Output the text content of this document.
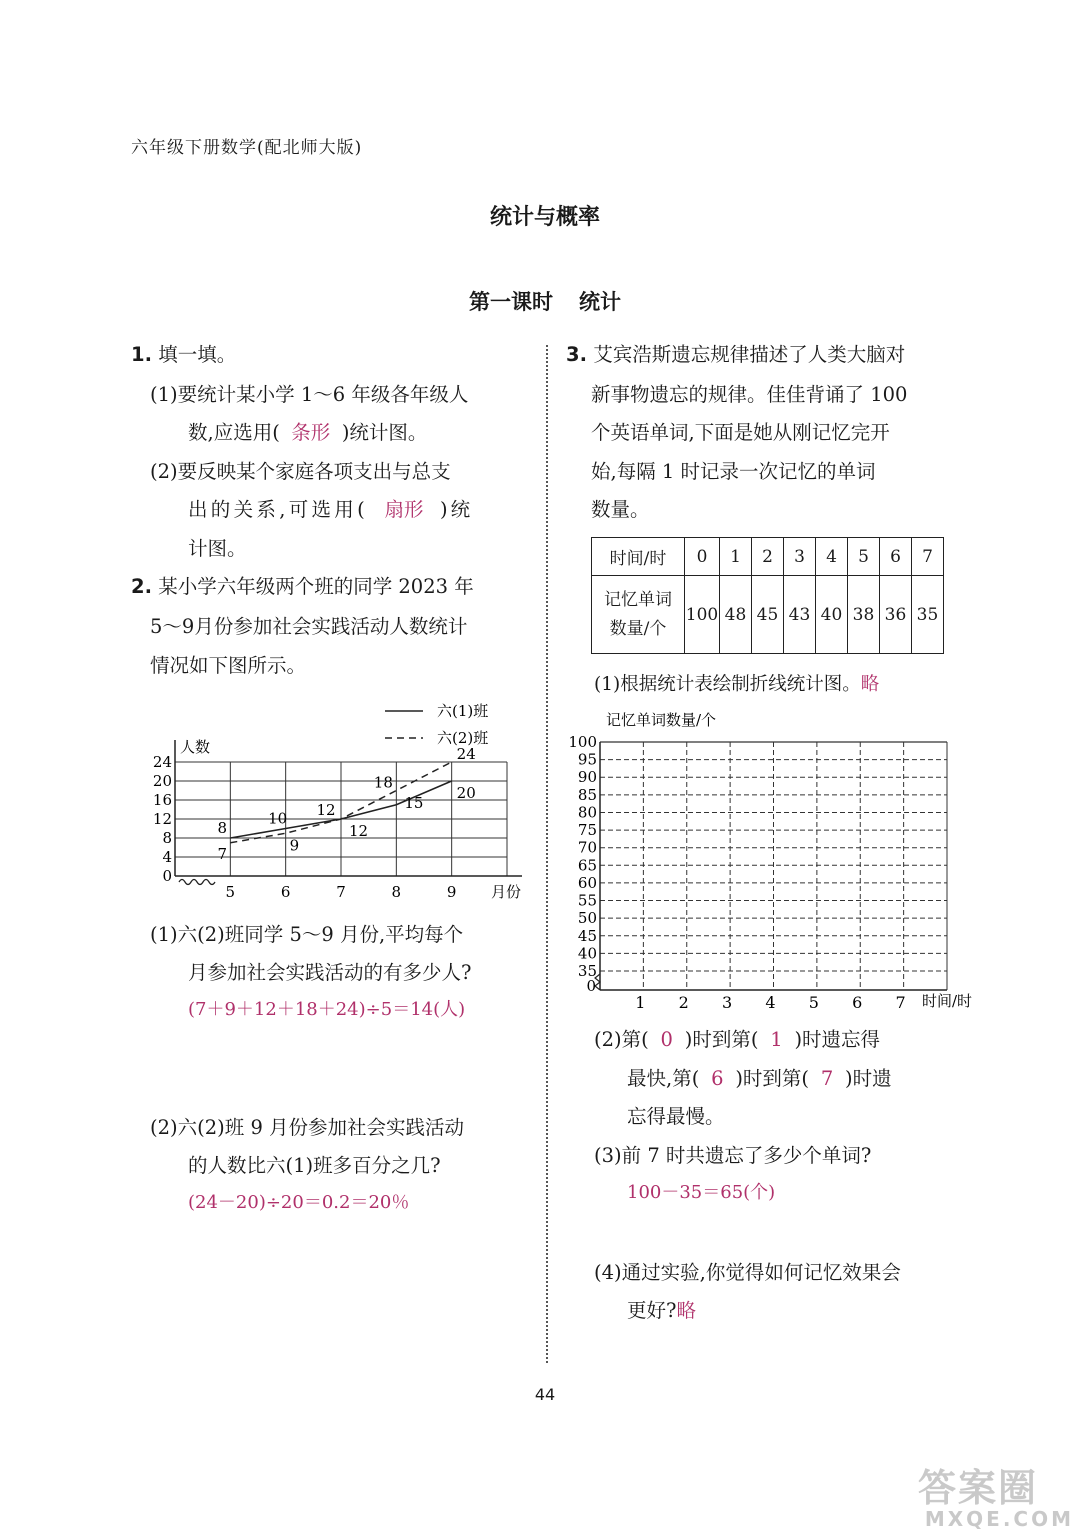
六年级下册数学(配北师大版)
统计与概率
第一课时 统计
1. 填一填。
(1)要统计某小学 1～6 年级各年级人
数,应选用( 条形 )统计图。
(2)要反映某个家庭各项支出与总支
出的关系,可选用( 扇形 )统
计图。
2. 某小学六年级两个班的同学 2023 年
5～9月份参加社会实践活动人数统计
情况如下图所示。
人数
月份
六(1)班
六(2)班
0
4
8
12
16
20
24
5	6	7	8	9
8
10 12	15
20
7	9
12
18
24
(1)六(2)班同学 5～9 月份,平均每个
月参加社会实践活动的有多少人?
(7＋9＋12＋18＋24)÷5＝14(人)
(2)六(2)班 9 月份参加社会实践活动
的人数比六(1)班多百分之几?
(24－20)÷20＝0.2＝20％
3. 艾宾浩斯遗忘规律描述了人类大脑对
新事物遗忘的规律。佳佳背诵了 100
个英语单词,下面是她从刚记忆完开
始,每隔 1 时记录一次记忆的单词
数量。
时间/时	0	1	2	3	4	5	6	7

记忆单词
数量/个	100	48	45	43	40	38	36	35
(1)根据统计表绘制折线统计图。略
记忆单词数量/个
时间/时
35
40
45
50
55
60
65
70
75
80
85
90
95
100
0
1 2 3 4 5 6 7
(2)第( 0 )时到第( 1 )时遗忘得
最快,第( 6 )时到第( 7 )时遗
忘得最慢。
(3)前 7 时共遗忘了多少个单词?
100－35＝65(个)
(4)通过实验,你觉得如何记忆效果会
更好?略
44
答案圈
MXQE.COM
